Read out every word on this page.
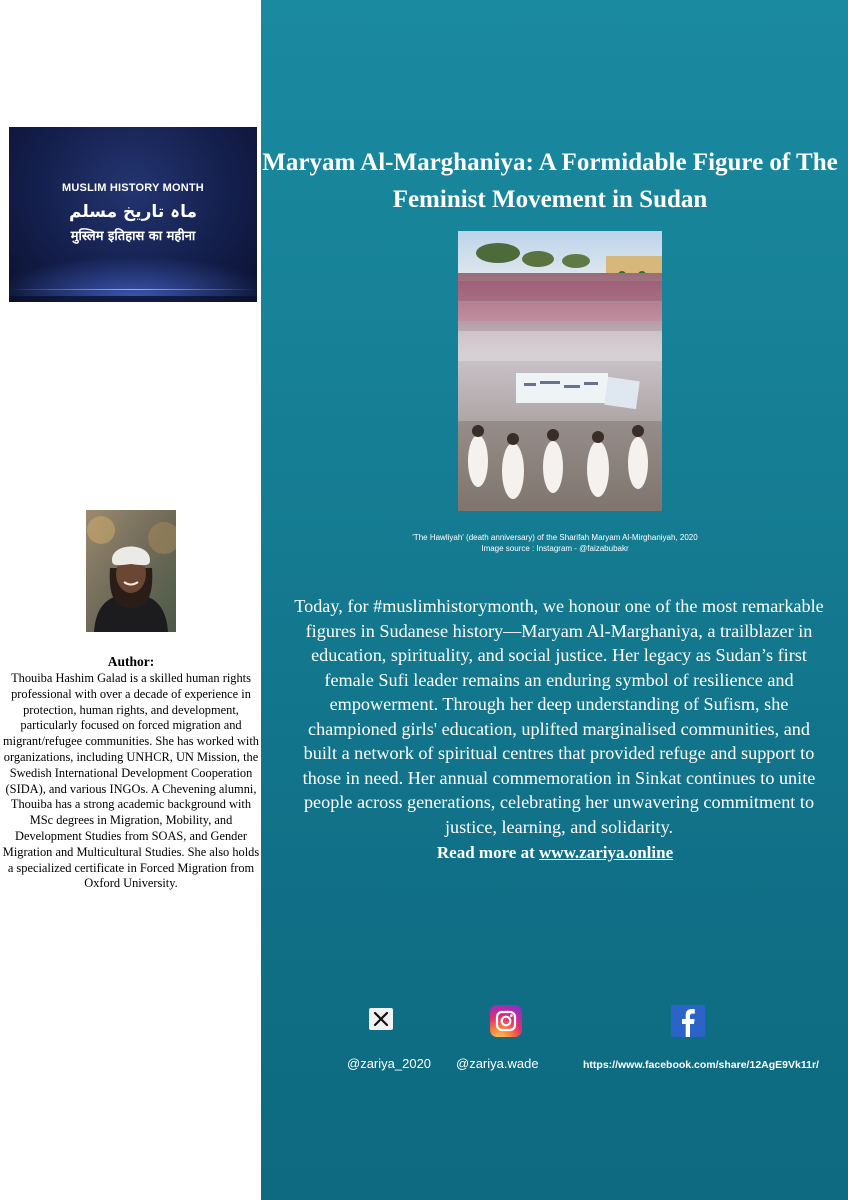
MUSLIM HISTORY MONTH
ماہ تاریخ مسلم
मुस्लिम इतिहास का महीना
Maryam Al-Marghaniya: A Formidable Figure of The Feminist Movement in Sudan
'The Hawliyah' (death anniversary) of the Sharifah Maryam Al-Mirghaniyah, 2020
Image source : Instagram - @faizabubakr
Today, for #muslimhistorymonth, we honour one of the most remarkable figures in Sudanese history—Maryam Al-Marghaniya, a trailblazer in education, spirituality, and social justice. Her legacy as Sudan’s first female Sufi leader remains an enduring symbol of resilience and empowerment. Through her deep understanding of Sufism, she championed girls' education, uplifted marginalised communities, and built a network of spiritual centres that provided refuge and support to those in need. Her annual commemoration in Sinkat continues to unite people across generations, celebrating her unwavering commitment to justice, learning, and solidarity.
Read more at www.zariya.online
@zariya_2020 @zariya.wade	https://www.facebook.com/share/12AgE9Vk11r/
Author:
Thouiba Hashim Galad is a skilled human rights professional with over a decade of experience in protection, human rights, and development, particularly focused on forced migration and migrant/refugee communities. She has worked with organizations, including UNHCR, UN Mission, the Swedish International Development Cooperation (SIDA), and various INGOs. A Chevening alumni, Thouiba has a strong academic background with MSc degrees in Migration, Mobility, and Development Studies from SOAS, and Gender Migration and Multicultural Studies. She also holds a specialized certificate in Forced Migration from Oxford University.
